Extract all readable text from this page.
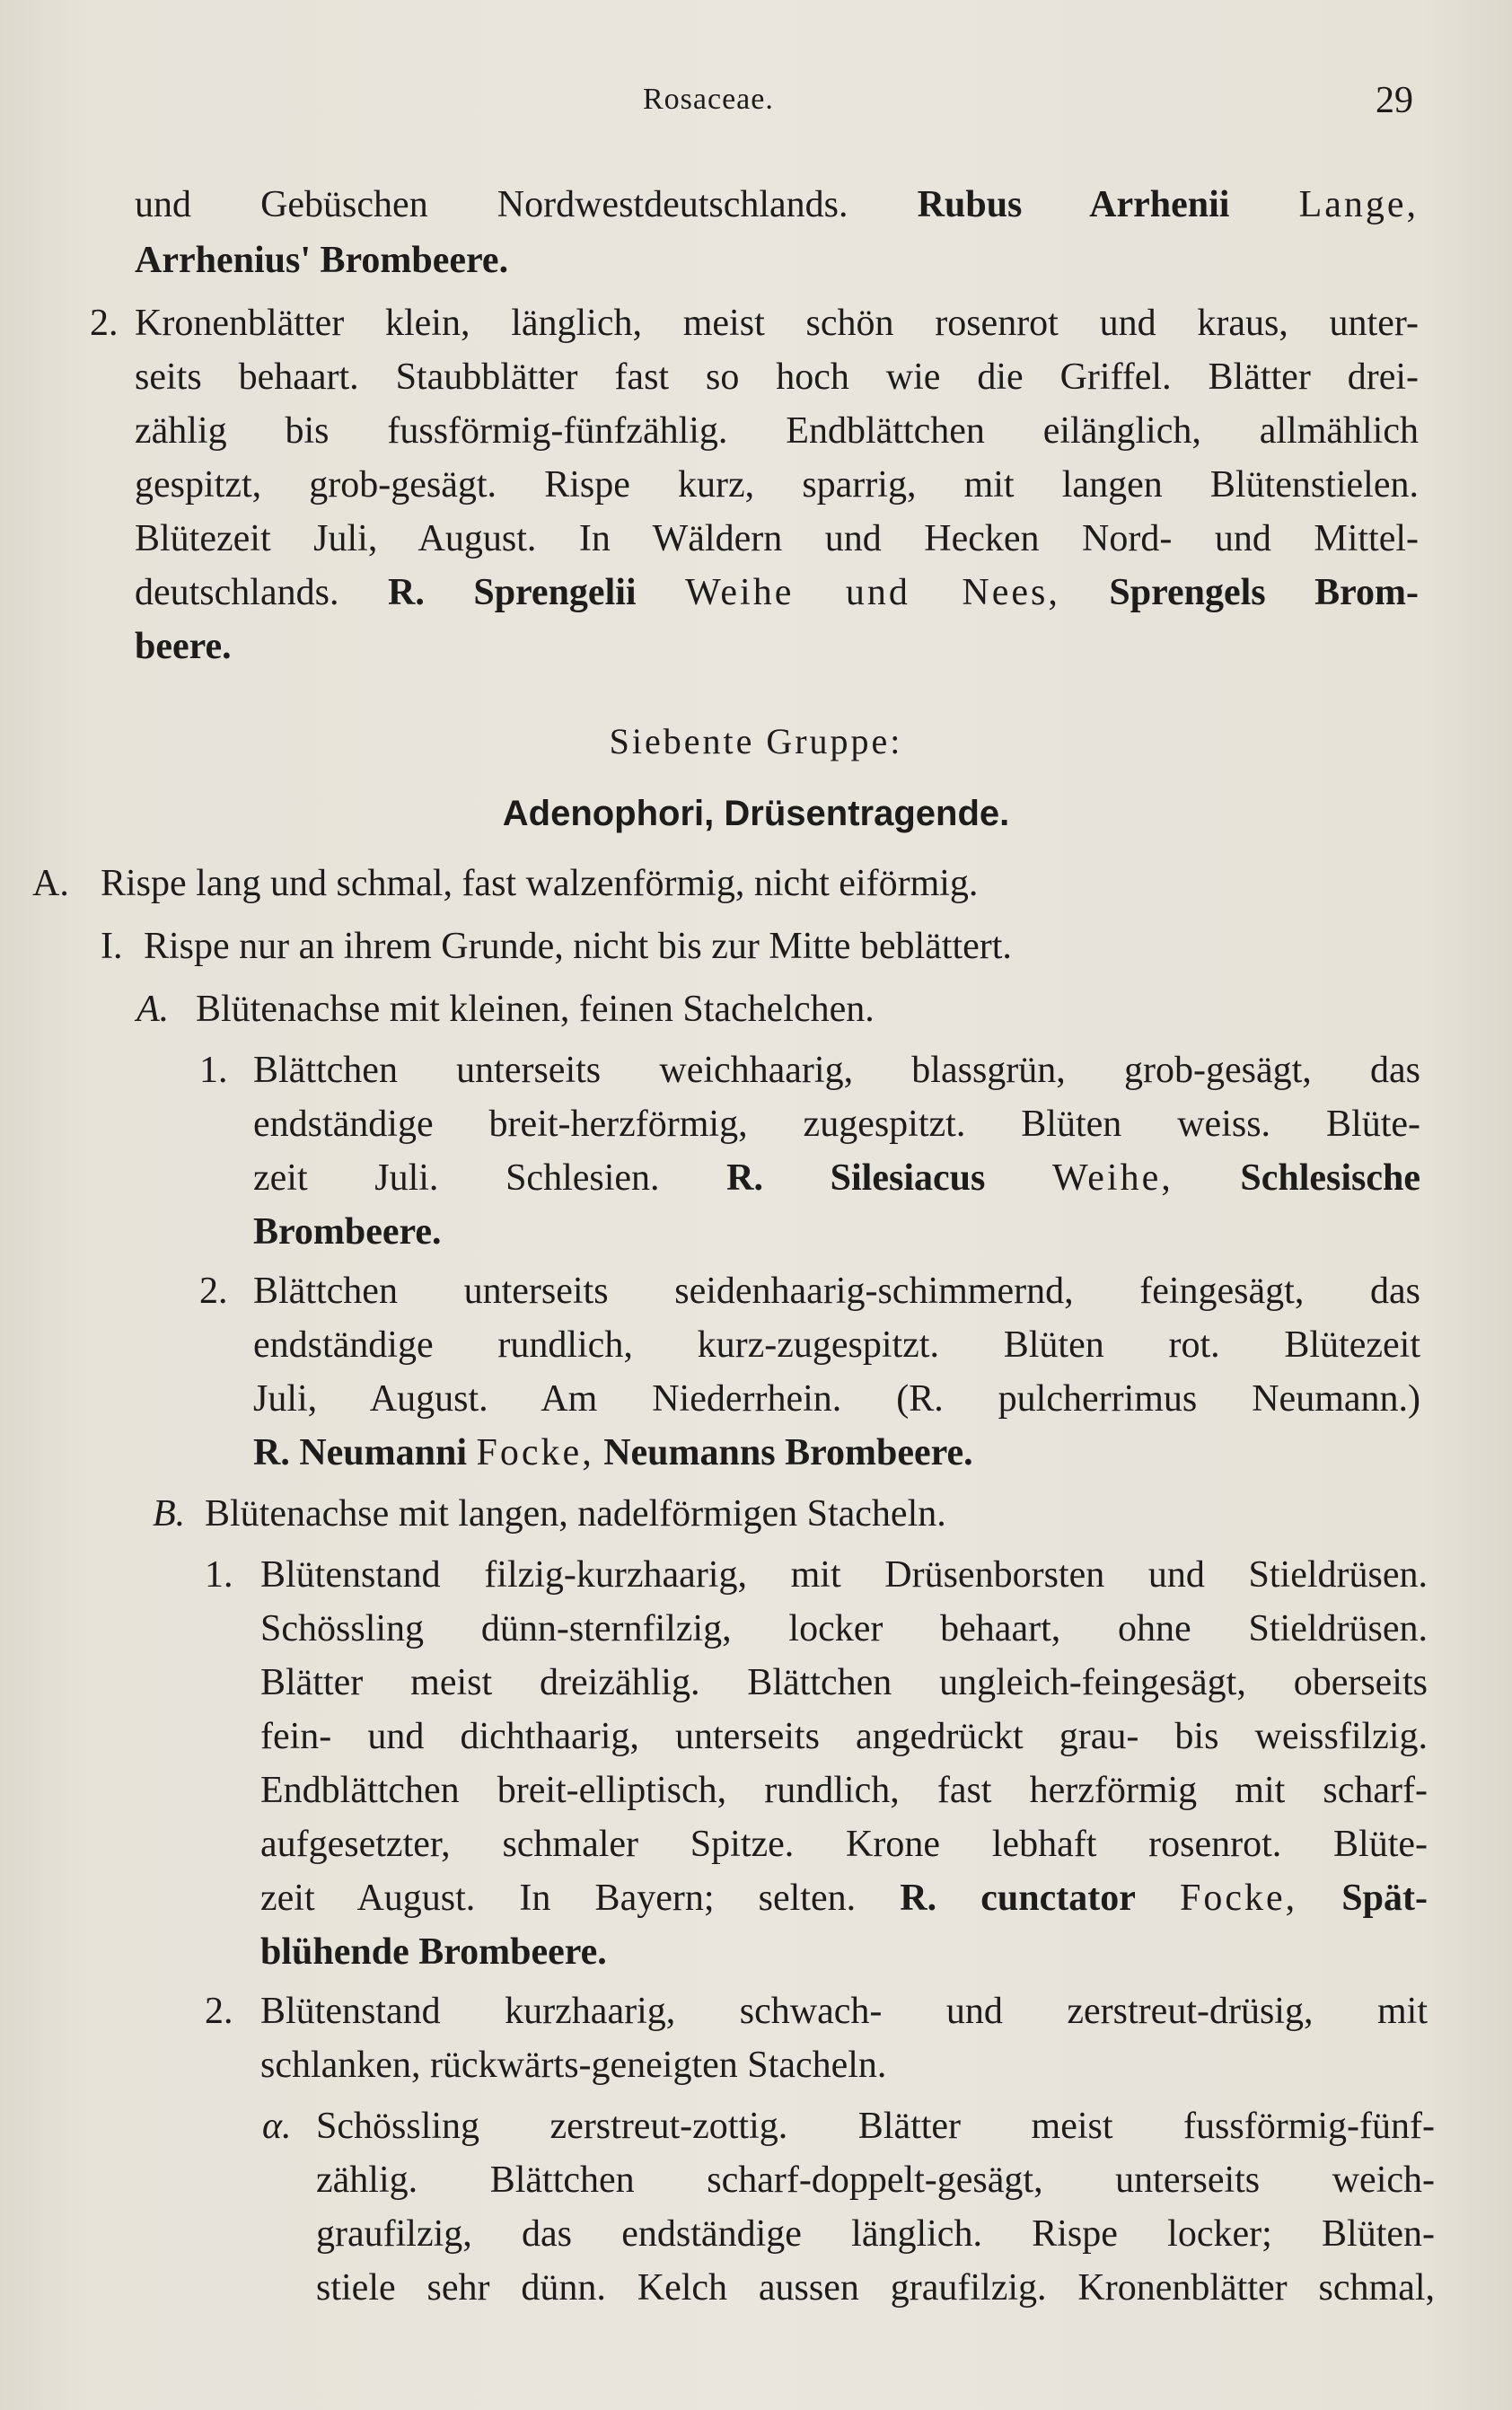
Rosaceae.	29
und Gebüschen Nordwestdeutschlands. Rubus Arrhenii Lange,
Arrhenius' Brombeere.
2. Kronenblätter klein, länglich, meist schön rosenrot und kraus, unter-
seits behaart. Staubblätter fast so hoch wie die Griffel. Blätter drei-
zählig bis fussförmig-fünfzählig. Endblättchen eilänglich, allmählich
gespitzt, grob-gesägt. Rispe kurz, sparrig, mit langen Blütenstielen.
Blütezeit Juli, August. In Wäldern und Hecken Nord- und Mittel-
deutschlands. R. Sprengelii Weihe und Nees, Sprengels Brom-
beere.
Siebente Gruppe:
Adenophori, Drüsentragende.
A. Rispe lang und schmal, fast walzenförmig, nicht eiförmig.
I. Rispe nur an ihrem Grunde, nicht bis zur Mitte beblättert.
A. Blütenachse mit kleinen, feinen Stachelchen.
1. Blättchen unterseits weichhaarig, blassgrün, grob-gesägt, das
endständige breit-herzförmig, zugespitzt. Blüten weiss. Blüte-
zeit Juli. Schlesien. R. Silesiacus Weihe, Schlesische
Brombeere.
2. Blättchen unterseits seidenhaarig-schimmernd, feingesägt, das
endständige rundlich, kurz-zugespitzt. Blüten rot. Blütezeit
Juli, August. Am Niederrhein. (R. pulcherrimus Neumann.)
R. Neumanni Focke, Neumanns Brombeere.
B. Blütenachse mit langen, nadelförmigen Stacheln.
1. Blütenstand filzig-kurzhaarig, mit Drüsenborsten und Stieldrüsen.
Schössling dünn-sternfilzig, locker behaart, ohne Stieldrüsen.
Blätter meist dreizählig. Blättchen ungleich-feingesägt, oberseits
fein- und dichthaarig, unterseits angedrückt grau- bis weissfilzig.
Endblättchen breit-elliptisch, rundlich, fast herzförmig mit scharf-
aufgesetzter, schmaler Spitze. Krone lebhaft rosenrot. Blüte-
zeit August. In Bayern; selten. R. cunctator Focke, Spät-
blühende Brombeere.
2. Blütenstand kurzhaarig, schwach- und zerstreut-drüsig, mit
schlanken, rückwärts-geneigten Stacheln.
α. Schössling zerstreut-zottig. Blätter meist fussförmig-fünf-
zählig. Blättchen scharf-doppelt-gesägt, unterseits weich-
graufilzig, das endständige länglich. Rispe locker; Blüten-
stiele sehr dünn. Kelch aussen graufilzig. Kronenblätter schmal,
